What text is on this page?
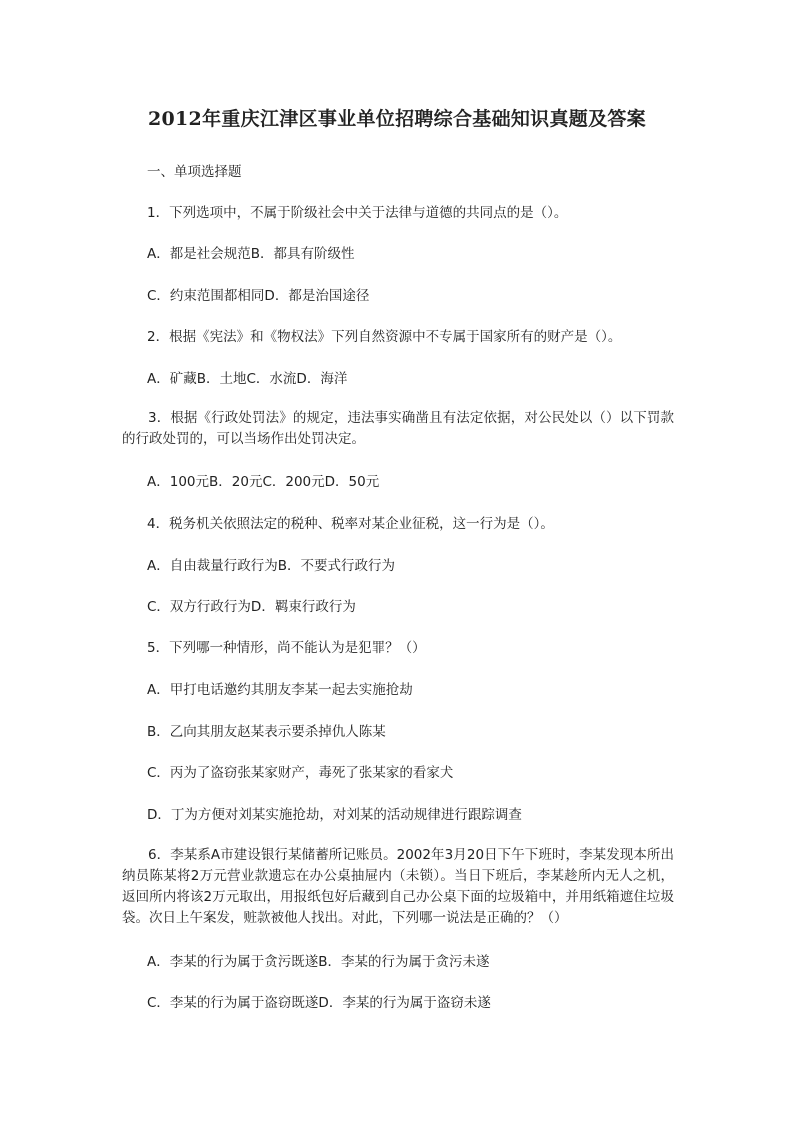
2012年重庆江津区事业单位招聘综合基础知识真题及答案
一、单项选择题
1．下列选项中，不属于阶级社会中关于法律与道德的共同点的是（）。
A．都是社会规范B．都具有阶级性
C．约束范围都相同D．都是治国途径
2．根据《宪法》和《物权法》下列自然资源中不专属于国家所有的财产是（）。
A．矿藏B．土地C．水流D．海洋
3．根据《行政处罚法》的规定，违法事实确凿且有法定依据，对公民处以（）以下罚款的行政处罚的，可以当场作出处罚决定。
A．100元B．20元C．200元D．50元
4．税务机关依照法定的税种、税率对某企业征税，这一行为是（）。
A．自由裁量行政行为B．不要式行政行为
C．双方行政行为D．羁束行政行为
5．下列哪一种情形，尚不能认为是犯罪？（）
A．甲打电话邀约其朋友李某一起去实施抢劫
B．乙向其朋友赵某表示要杀掉仇人陈某
C．丙为了盗窃张某家财产，毒死了张某家的看家犬
D．丁为方便对刘某实施抢劫，对刘某的活动规律进行跟踪调查
6．李某系A市建设银行某储蓄所记账员。2002年3月20日下午下班时，李某发现本所出纳员陈某将2万元营业款遗忘在办公桌抽屉内（未锁）。当日下班后，李某趁所内无人之机，返回所内将该2万元取出，用报纸包好后藏到自己办公桌下面的垃圾箱中，并用纸箱遮住垃圾袋。次日上午案发，赃款被他人找出。对此，下列哪一说法是正确的？（）
A．李某的行为属于贪污既遂B．李某的行为属于贪污未遂
C．李某的行为属于盗窃既遂D．李某的行为属于盗窃未遂
